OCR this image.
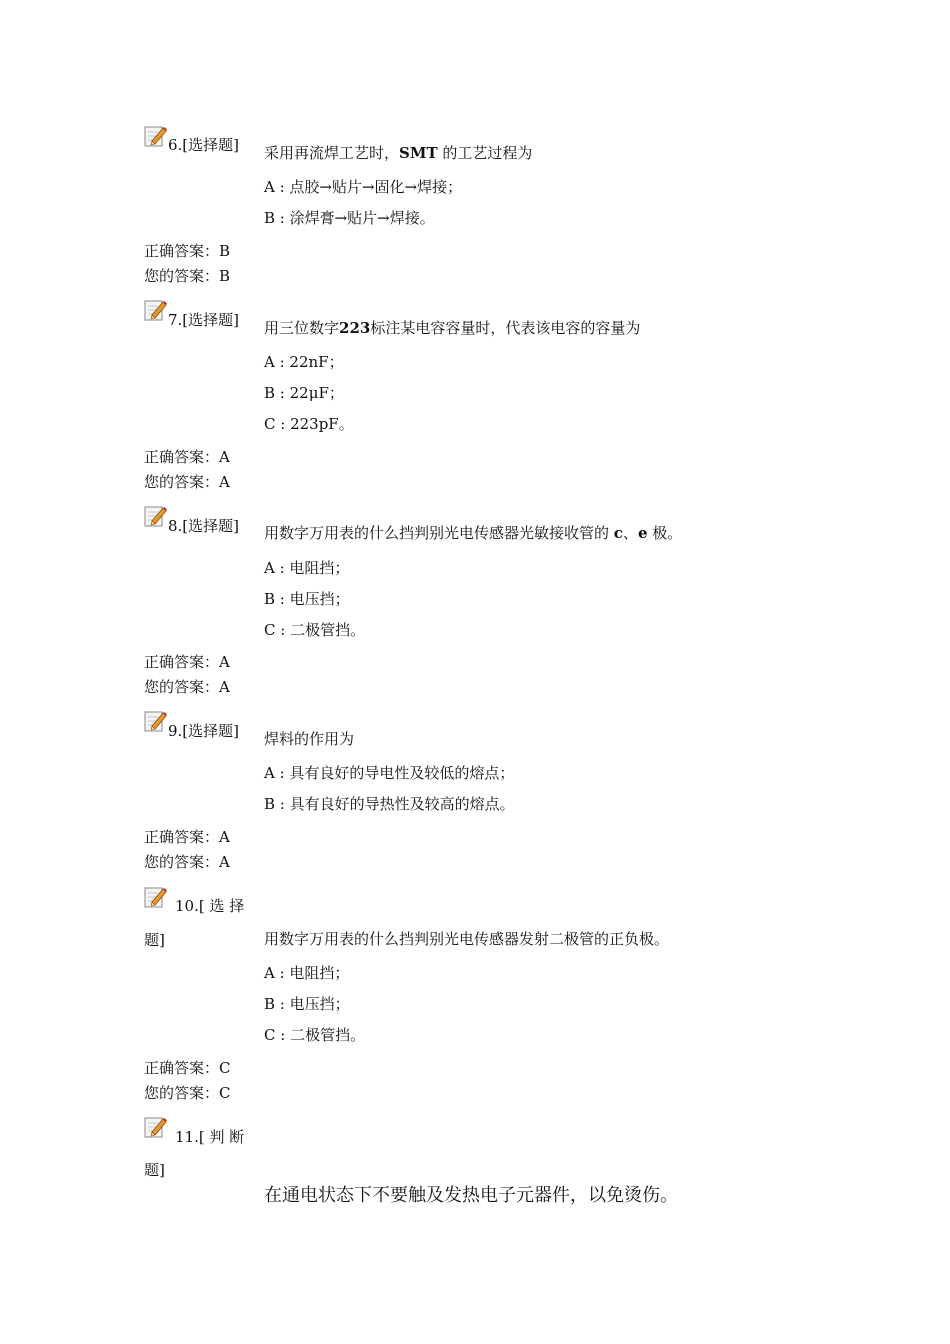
6.[选择题] 采用再流焊工艺时，SMT 的工艺过程为
A : 点胶→贴片→固化→焊接；
B : 涂焊膏→贴片→焊接。
正确答案：B
您的答案：B
7.[选择题] 用三位数字223标注某电容容量时，代表该电容的容量为
A : 22nF；
B : 22μF；
C : 223pF。
正确答案：A
您的答案：A
8.[选择题] 用数字万用表的什么挡判别光电传感器光敏接收管的 c、e 极。
A : 电阻挡；
B : 电压挡；
C : 二极管挡。
正确答案：A
您的答案：A
9.[选择题] 焊料的作用为
A : 具有良好的导电性及较低的熔点；
B : 具有良好的导热性及较高的熔点。
正确答案：A
您的答案：A
10.[ 选 择
题]	用数字万用表的什么挡判别光电传感器发射二极管的正负极。
A : 电阻挡；
B : 电压挡；
C : 二极管挡。
正确答案：C
您的答案：C
11.[ 判 断
题]
在通电状态下不要触及发热电子元器件，以免烫伤。
